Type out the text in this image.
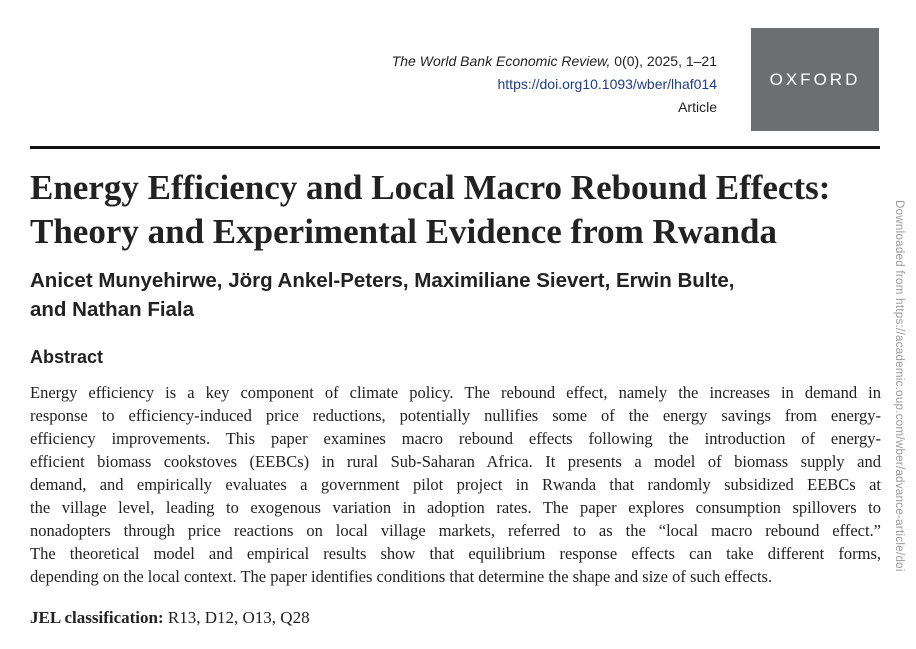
The World Bank Economic Review, 0(0), 2025, 1–21
https://doi.org10.1093/wber/lhaf014
Article
OXFORD
Energy Efficiency and Local Macro Rebound Effects:
Theory and Experimental Evidence from Rwanda
Anicet Munyehirwe, Jörg Ankel-Peters, Maximiliane Sievert, Erwin Bulte,
and Nathan Fiala
Abstract
Energy efficiency is a key component of climate policy. The rebound effect, namely the increases in demand in
response to efficiency-induced price reductions, potentially nullifies some of the energy savings from energy-
efficiency improvements. This paper examines macro rebound effects following the introduction of energy-
efficient biomass cookstoves (EEBCs) in rural Sub-Saharan Africa. It presents a model of biomass supply and
demand, and empirically evaluates a government pilot project in Rwanda that randomly subsidized EEBCs at
the village level, leading to exogenous variation in adoption rates. The paper explores consumption spillovers to
nonadopters through price reactions on local village markets, referred to as the “local macro rebound effect.”
The theoretical model and empirical results show that equilibrium response effects can take different forms,
depending on the local context. The paper identifies conditions that determine the shape and size of such effects.
JEL classification: R13, D12, O13, Q28
Downloaded from https://academic.oup.com/wber/advance-article/doi
